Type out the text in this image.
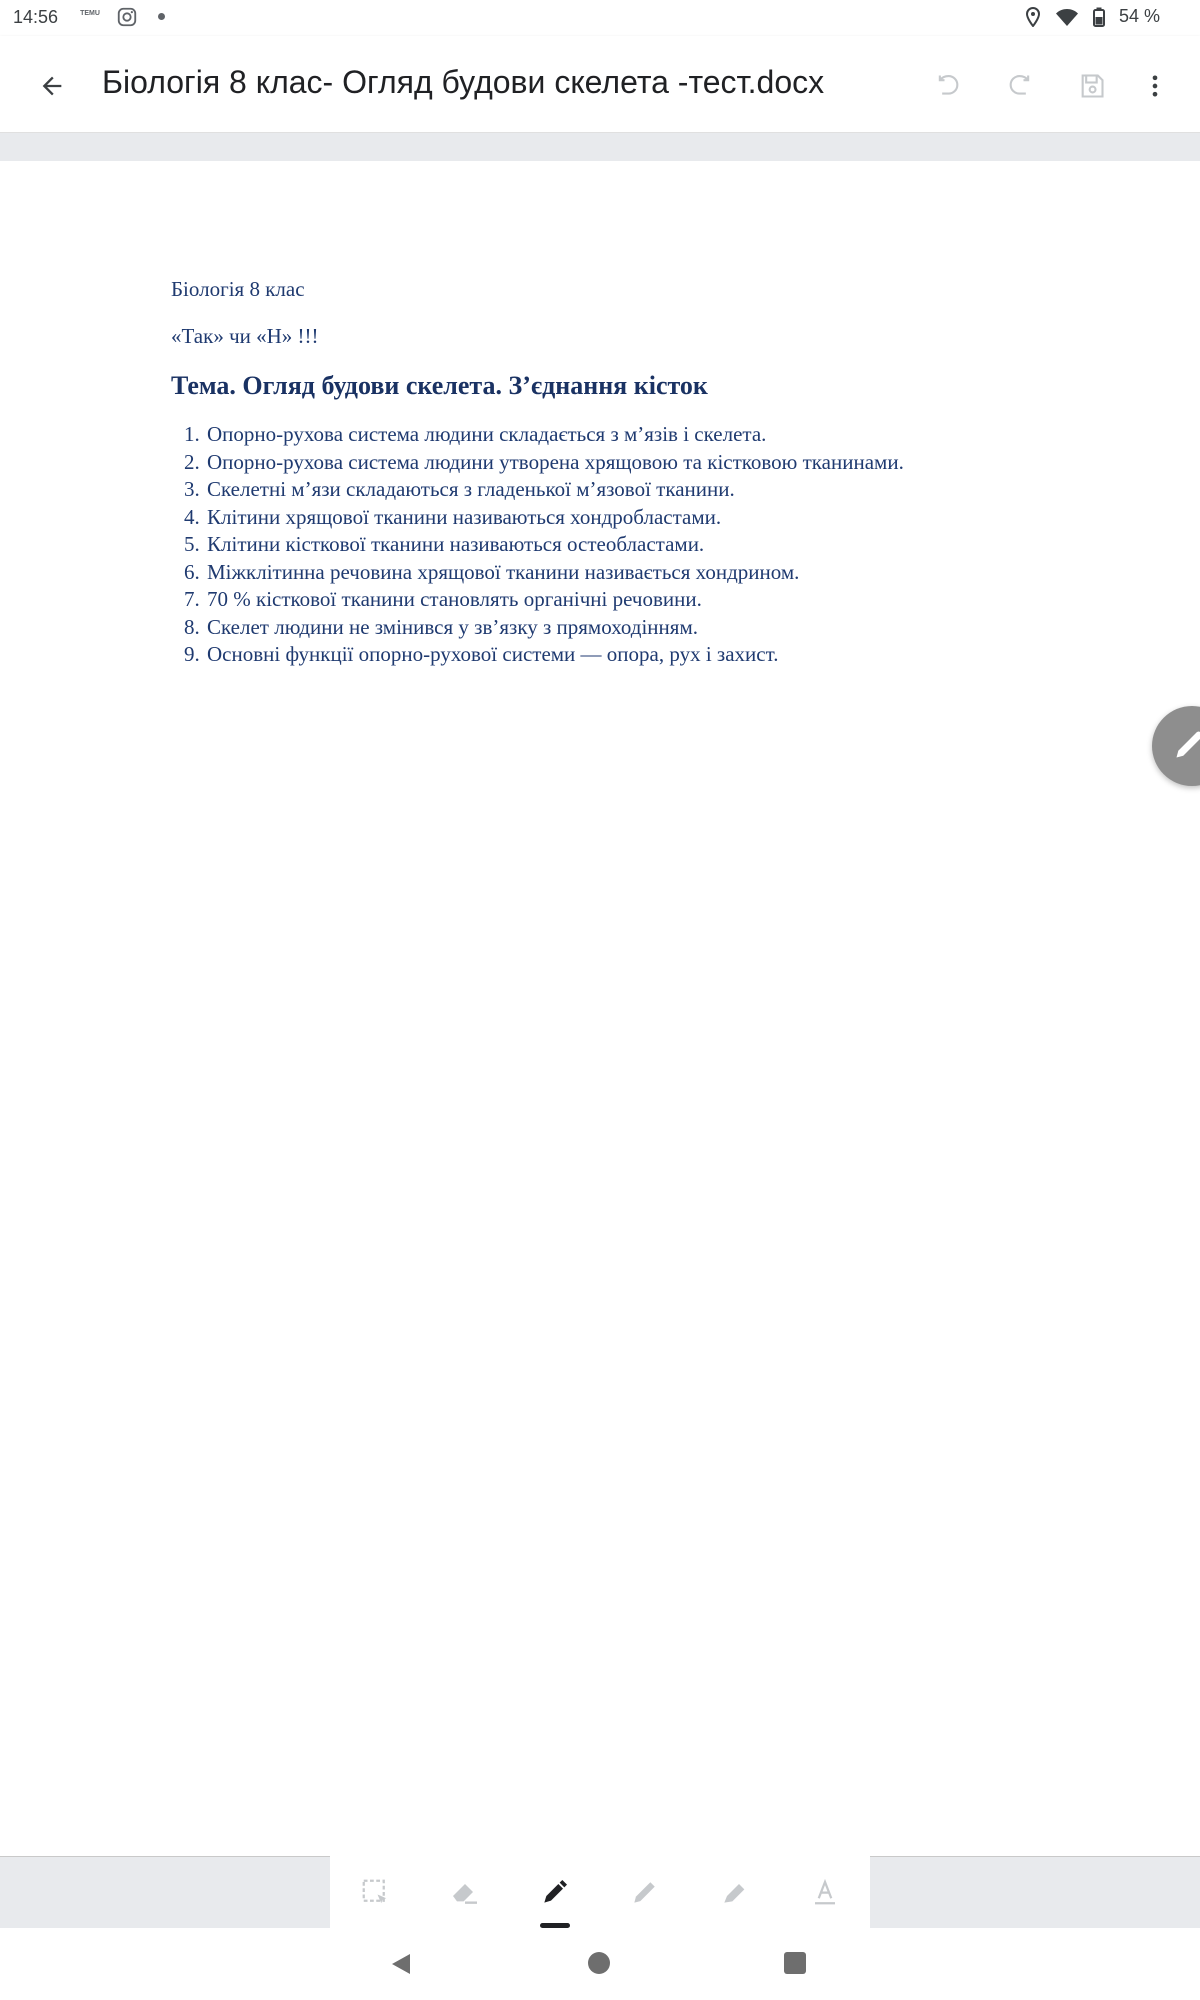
14:56	TEMU	54 %
Біологія 8 клас- Огляд будови скелета -тест.docx

Біологія 8 клас

«Так» чи «Н» !!!

Тема. Огляд будови скелета. З’єднання кісток

1. Опорно-рухова система людини складається з м’язів і скелета.
2. Опорно-рухова система людини утворена хрящовою та кістковою тканинами.
3. Скелетні м’язи складаються з гладенької м’язової тканини.
4. Клітини хрящової тканини називаються хондробластами.
5. Клітини кісткової тканини називаються остеобластами.
6. Міжклітинна речовина хрящової тканини називається хондрином.
7. 70 % кісткової тканини становлять органічні речовини.
8. Скелет людини не змінився у зв’язку з прямоходінням.
9. Основні функції опорно-рухової системи — опора, рух і захист.
